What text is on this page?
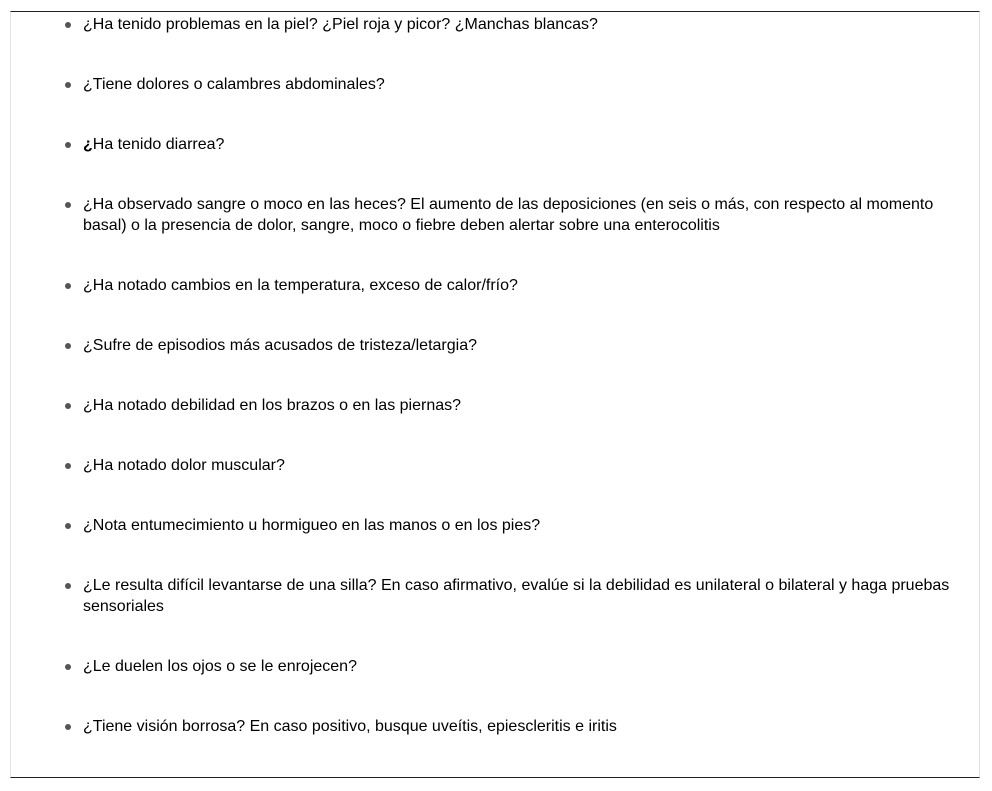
¿Ha tenido problemas en la piel? ¿Piel roja y picor? ¿Manchas blancas?
¿Tiene dolores o calambres abdominales?
¿Ha tenido diarrea?
¿Ha observado sangre o moco en las heces? El aumento de las deposiciones (en seis o más, con respecto al momento basal) o la presencia de dolor, sangre, moco o fiebre deben alertar sobre una enterocolitis
¿Ha notado cambios en la temperatura, exceso de calor/frío?
¿Sufre de episodios más acusados de tristeza/letargia?
¿Ha notado debilidad en los brazos o en las piernas?
¿Ha notado dolor muscular?
¿Nota entumecimiento u hormigueo en las manos o en los pies?
¿Le resulta difícil levantarse de una silla? En caso afirmativo, evalúe si la debilidad es unilateral o bilateral y haga pruebas sensoriales
¿Le duelen los ojos o se le enrojecen?
¿Tiene visión borrosa? En caso positivo, busque uveítis, epiescleritis e iritis
